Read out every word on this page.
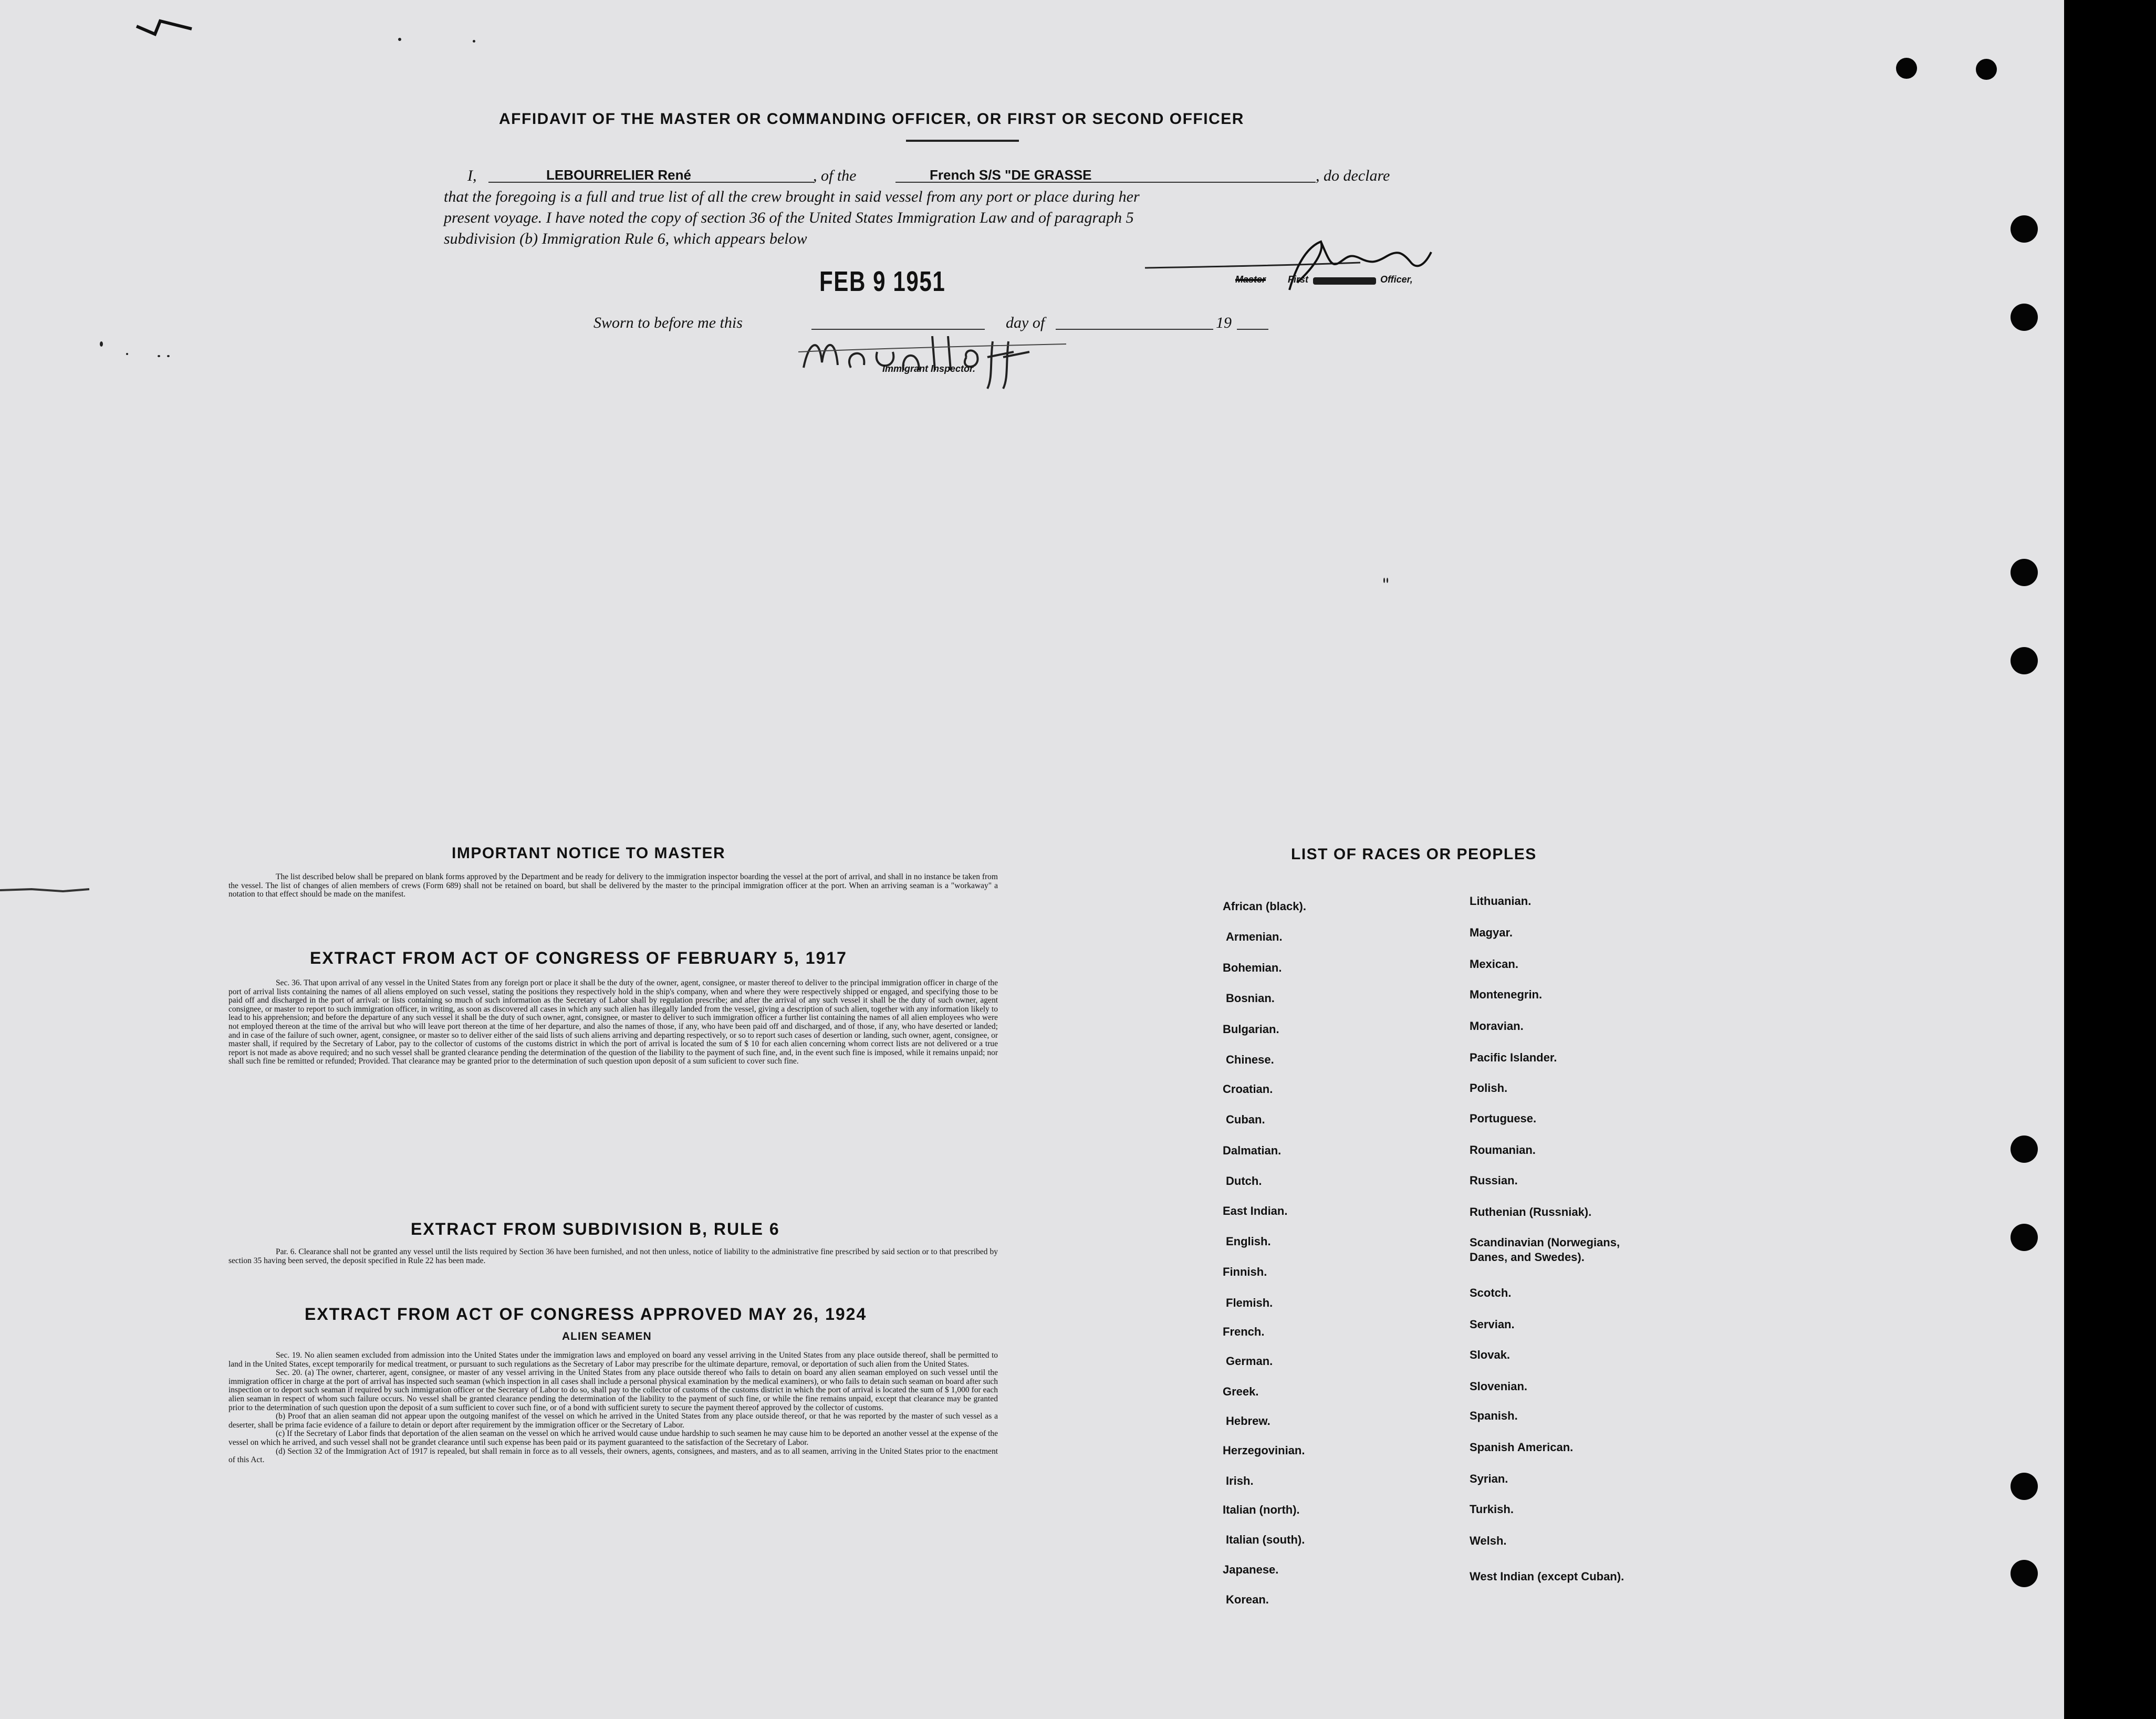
AFFIDAVIT OF THE MASTER OR COMMANDING OFFICER, OR FIRST OR SECOND OFFICER
I,	LEBOURRELIER René	, of the	French S/S "DE GRASSE	, do declare
that the foregoing is a full and true list of all the crew brought in said vessel from any port or place during her
present voyage. I have noted the copy of section 36 of the United States Immigration Law and of paragraph 5
subdivision (b) Immigration Rule 6, which appears below
Master First	Officer,
FEB 9 1951
Sworn to before me this	day of	19
Immigrant Inspector.
IMPORTANT NOTICE TO MASTER

The list described below shall be prepared on blank forms approved by the Department and be ready for delivery to the immigration inspector boarding the vessel at the port of arrival, and shall in no instance be taken from the vessel. The list of changes of alien members of crews (Form 689) shall not be retained on board, but shall be delivered by the master to the principal immigration officer at the port. When an arriving seaman is a "workaway" a notation to that effect should be made on the manifest.

EXTRACT FROM ACT OF CONGRESS OF FEBRUARY 5, 1917

Sec. 36. That upon arrival of any vessel in the United States from any foreign port or place it shall be the duty of the owner, agent, consignee, or master thereof to deliver to the principal immigration officer in charge of the port of arrival lists containing the names of all aliens employed on such vessel, stating the positions they respectively hold in the ship's company, when and where they were respectively shipped or engaged, and specifying those to be paid off and discharged in the port of arrival: or lists containing so much of such information as the Secretary of Labor shall by regulation prescribe; and after the arrival of any such vessel it shall be the duty of such owner, agent consignee, or master to report to such immigration officer, in writing, as soon as discovered all cases in which any such alien has illegally landed from the vessel, giving a description of such alien, together with any information likely to lead to his apprehension; and before the departure of any such vessel it shall be the duty of such owner, agnt, consignee, or master to deliver to such immigration officer a further list containing the names of all alien employees who were not employed thereon at the time of the arrival but who will leave port thereon at the time of her departure, and also the names of those, if any, who have been paid off and discharged, and of those, if any, who have deserted or landed; and in case of the failure of such owner, agent, consignee, or master so to deliver either of the said lists of such aliens arriving and departing respectively, or so to report such cases of desertion or landing, such owner, agent, consignee, or master shall, if required by the Secretary of Labor, pay to the collector of customs of the customs district in which the port of arrival is located the sum of $ 10 for each alien concerning whom correct lists are not delivered or a true report is not made as above required; and no such vessel shall be granted clearance pending the determination of the question of the liability to the payment of such fine, and, in the event such fine is imposed, while it remains unpaid; nor shall such fine be remitted or refunded; Provided. That clearance may be granted prior to the determination of such question upon deposit of a sum suficient to cover such fine.

EXTRACT FROM SUBDIVISION B, RULE 6

Par. 6. Clearance shall not be granted any vessel until the lists required by Section 36 have been furnished, and not then unless, notice of liability to the administrative fine prescribed by said section or to that prescribed by section 35 having been served, the deposit specified in Rule 22 has been made.

EXTRACT FROM ACT OF CONGRESS APPROVED MAY 26, 1924
ALIEN SEAMEN

Sec. 19. No alien seamen excluded from admission into the United States under the immigration laws and employed on board any vessel arriving in the United States from any place outside thereof, shall be permitted to land in the United States, except temporarily for medical treatment, or pursuant to such regulations as the Secretary of Labor may prescribe for the ultimate departure, removal, or deportation of such alien from the United States.

Sec. 20. (a) The owner, charterer, agent, consignee, or master of any vessel arriving in the United States from any place outside thereof who fails to detain on board any alien seaman employed on such vessel until the immigration officer in charge at the port of arrival has inspected such seaman (which inspection in all cases shall include a personal physical examination by the medical examiners), or who fails to detain such seaman on board after such inspection or to deport such seaman if required by such immigration officer or the Secretary of Labor to do so, shall pay to the collector of customs of the customs district in which the port of arrival is located the sum of $ 1,000 for each alien seaman in respect of whom such failure occurs. No vessel shall be granted clearance pending the determination of the liability to the payment of such fine, or while the fine remains unpaid, except that clearance may be granted prior to the determination of such question upon the deposit of a sum sufficient to cover such fine, or of a bond with sufficient surety to secure the payment thereof approved by the collector of customs.

(b) Proof that an alien seaman did not appear upon the outgoing manifest of the vessel on which he arrived in the United States from any place outside thereof, or that he was reported by the master of such vessel as a deserter, shall be prima facie evidence of a failure to detain or deport after requirement by the immigration officer or the Secretary of Labor.

(c) If the Secretary of Labor finds that deportation of the alien seaman on the vessel on which he arrived would cause undue hardship to such seamen he may cause him to be deported an another vessel at the expense of the vessel on which he arrived, and such vessel shall not be grandet clearance until such expense has been paid or its payment guaranteed to the satisfaction of the Secretary of Labor.

(d) Section 32 of the Immigration Act of 1917 is repealed, but shall remain in force as to all vessels, their owners, agents, consignees, and masters, and as to all seamen, arriving in the United States prior to the enactment of this Act.

LIST OF RACES OR PEOPLES
African (black).
Armenian.
Bohemian.
Bosnian.
Bulgarian.
Chinese.
Croatian.
Cuban.
Dalmatian.
Dutch.
East Indian.
English.
Finnish.
Flemish.
French.
German.
Greek.
Hebrew.
Herzegovinian.
Irish.
Italian (north).
Italian (south).
Japanese.
Korean.
Lithuanian.
Magyar.
Mexican.
Montenegrin.
Moravian.
Pacific Islander.
Polish.
Portuguese.
Roumanian.
Russian.
Ruthenian (Russniak).
Scandinavian (Norwegians, Danes, and Swedes).
Scotch.
Servian.
Slovak.
Slovenian.
Spanish.
Spanish American.
Syrian.
Turkish.
Welsh.
West Indian (except Cuban).
